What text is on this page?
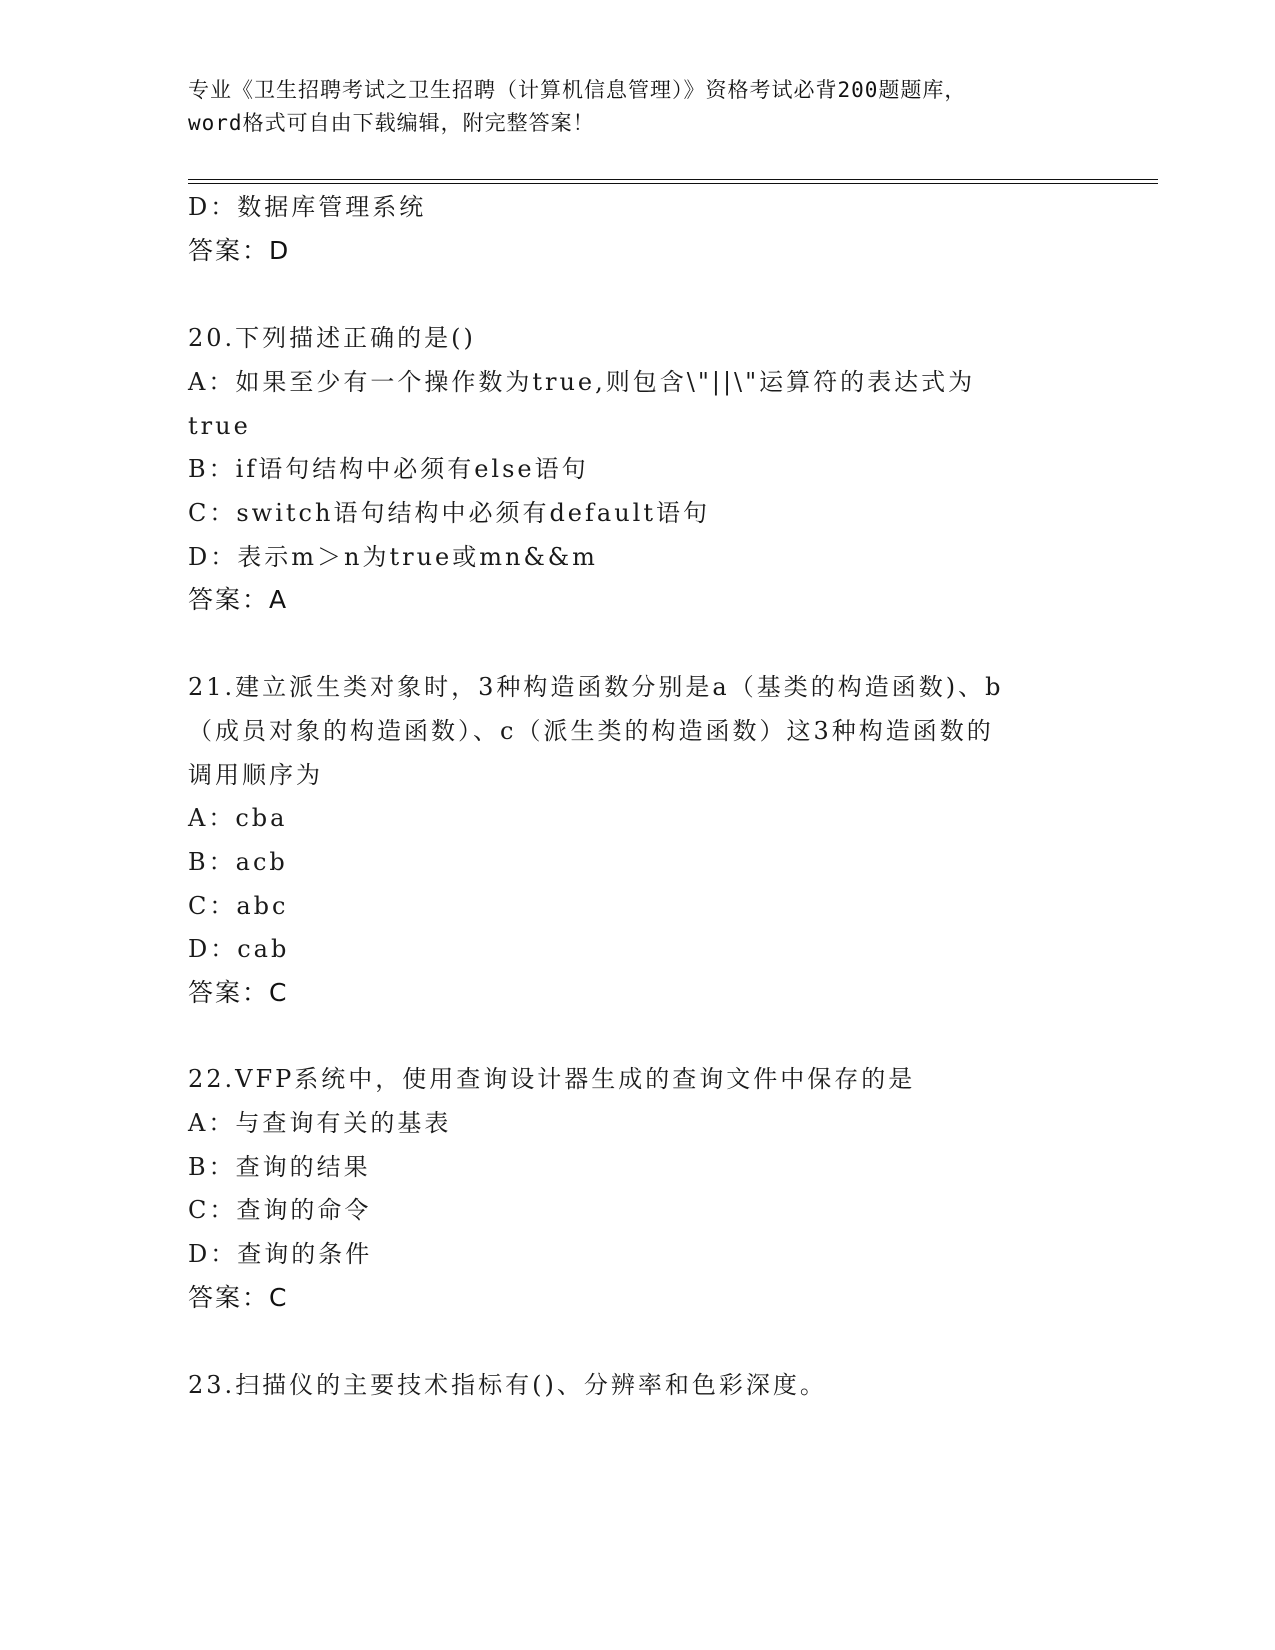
专业《卫生招聘考试之卫生招聘（计算机信息管理）》资格考试必背200题题库，
word格式可自由下载编辑，附完整答案！
D：数据库管理系统
答案：D
20.下列描述正确的是()
A：如果至少有一个操作数为true,则包含\"||\"运算符的表达式为
true
B：if语句结构中必须有else语句
C：switch语句结构中必须有default语句
D：表示m＞n为true或mn&&m
答案：A
21.建立派生类对象时，3种构造函数分别是a（基类的构造函数)、b
（成员对象的构造函数）、c（派生类的构造函数）这3种构造函数的
调用顺序为
A：cba
B：acb
C：abc
D：cab
答案：C
22.VFP系统中，使用查询设计器生成的查询文件中保存的是
A：与查询有关的基表
B：查询的结果
C：查询的命令
D：查询的条件
答案：C
23.扫描仪的主要技术指标有()、分辨率和色彩深度。
